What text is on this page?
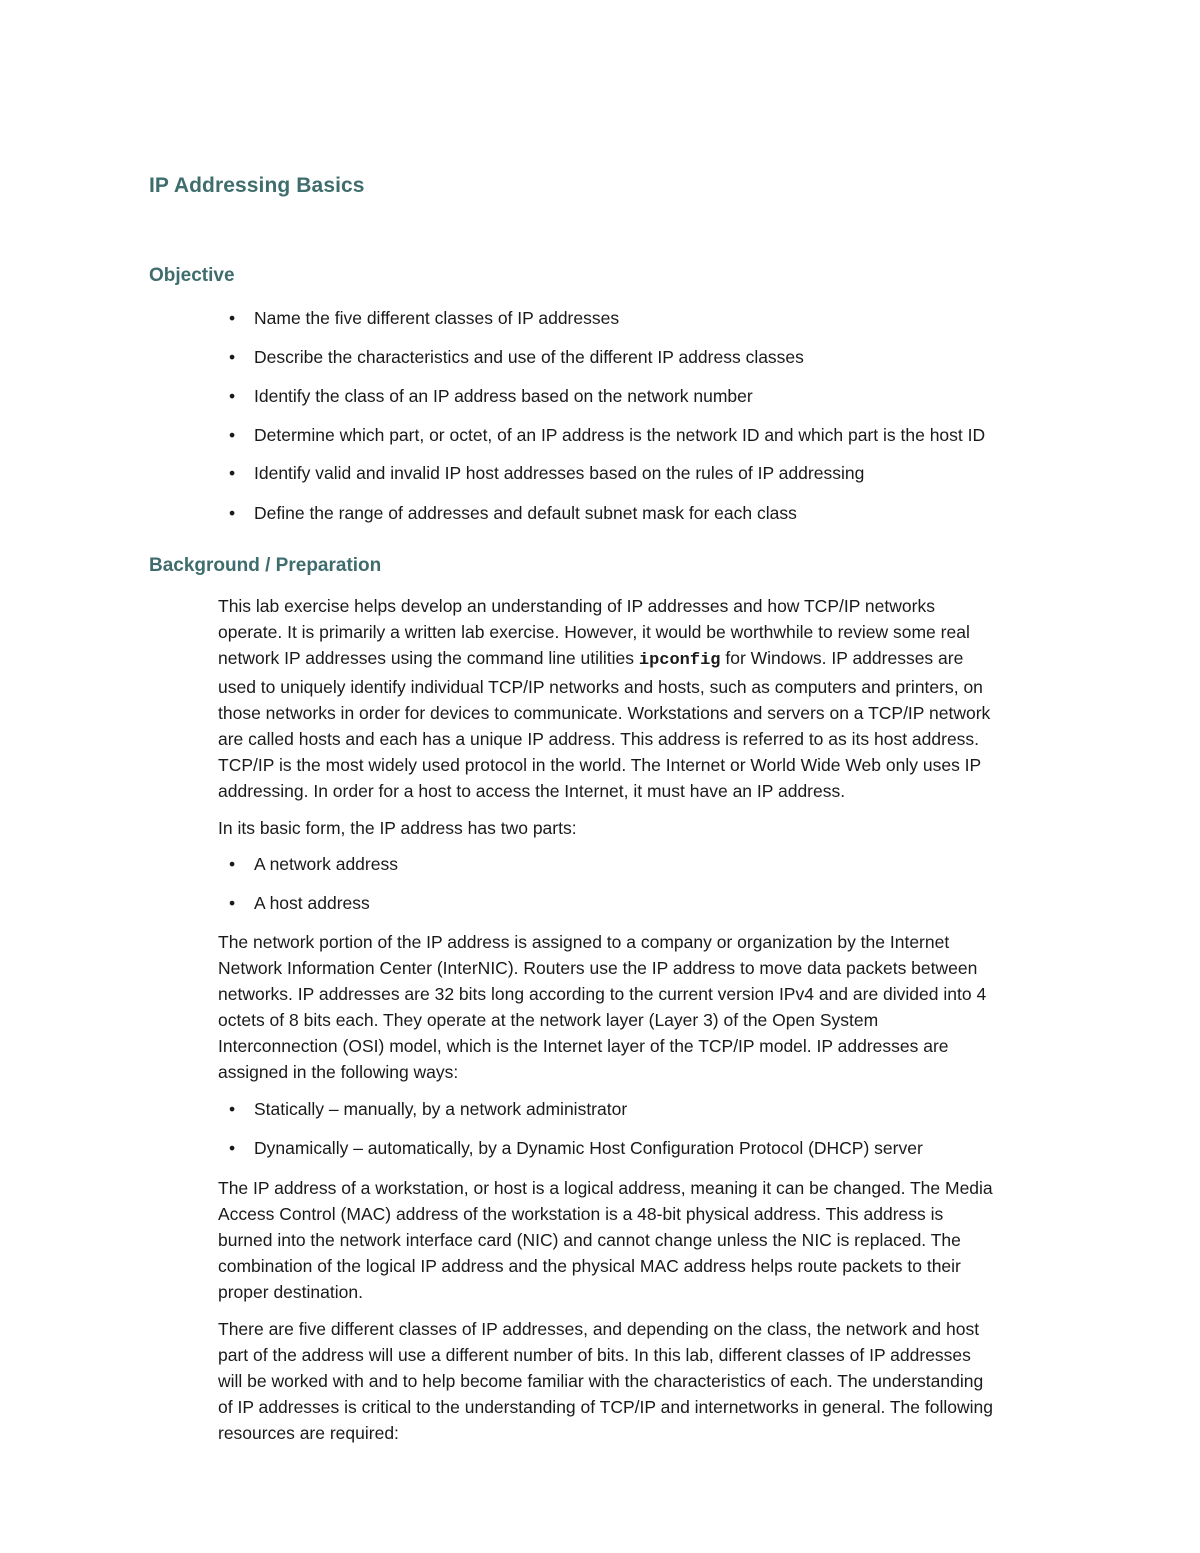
IP Addressing Basics
Objective
• Name the five different classes of IP addresses
• Describe the characteristics and use of the different IP address classes
• Identify the class of an IP address based on the network number
• Determine which part, or octet, of an IP address is the network ID and which part is the host ID
• Identify valid and invalid IP host addresses based on the rules of IP addressing
• Define the range of addresses and default subnet mask for each class
Background / Preparation
This lab exercise helps develop an understanding of IP addresses and how TCP/IP networks
operate. It is primarily a written lab exercise. However, it would be worthwhile to review some real
network IP addresses using the command line utilities ipconfig for Windows. IP addresses are
used to uniquely identify individual TCP/IP networks and hosts, such as computers and printers, on
those networks in order for devices to communicate. Workstations and servers on a TCP/IP network
are called hosts and each has a unique IP address. This address is referred to as its host address.
TCP/IP is the most widely used protocol in the world. The Internet or World Wide Web only uses IP
addressing. In order for a host to access the Internet, it must have an IP address.

In its basic form, the IP address has two parts:

• A network address
• A host address
The network portion of the IP address is assigned to a company or organization by the Internet
Network Information Center (InterNIC). Routers use the IP address to move data packets between
networks. IP addresses are 32 bits long according to the current version IPv4 and are divided into 4
octets of 8 bits each. They operate at the network layer (Layer 3) of the Open System
Interconnection (OSI) model, which is the Internet layer of the TCP/IP model. IP addresses are
assigned in the following ways:
• Statically – manually, by a network administrator
• Dynamically – automatically, by a Dynamic Host Configuration Protocol (DHCP) server
The IP address of a workstation, or host is a logical address, meaning it can be changed. The Media
Access Control (MAC) address of the workstation is a 48-bit physical address. This address is
burned into the network interface card (NIC) and cannot change unless the NIC is replaced. The
combination of the logical IP address and the physical MAC address helps route packets to their
proper destination.
There are five different classes of IP addresses, and depending on the class, the network and host
part of the address will use a different number of bits. In this lab, different classes of IP addresses
will be worked with and to help become familiar with the characteristics of each. The understanding
of IP addresses is critical to the understanding of TCP/IP and internetworks in general. The following
resources are required:
